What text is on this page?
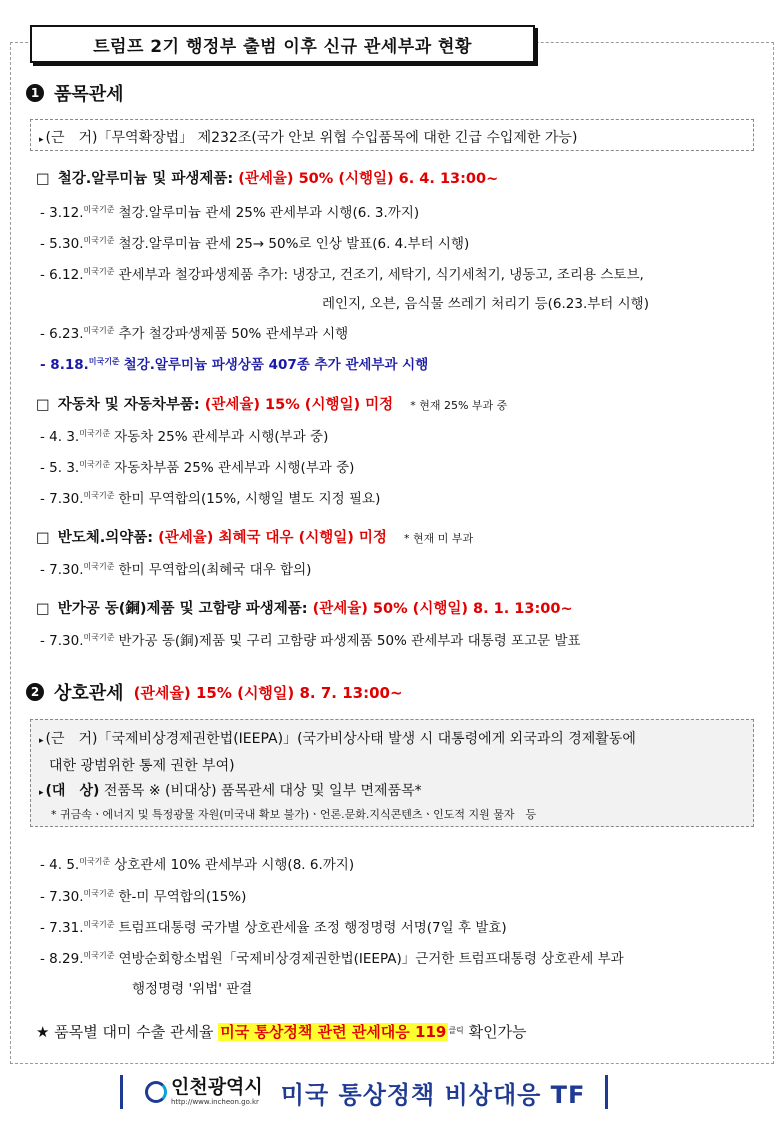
트럼프 2기 행정부 출범 이후 신규 관세부과 현황
1 품목관세
▸ (근　거)「무역확장법」 제232조(국가 안보 위협 수입품목에 대한 긴급 수입제한 가능)
□ 철강.알루미늄 및 파생제품: (관세율) 50% (시행일) 6. 4. 13:00~
- 3.12.$^{미국기준}$ 철강.알루미늄 관세 25% 관세부과 시행(6. 3.까지)
- 5.30.$^{미국기준}$ 철강.알루미늄 관세 25→ 50%로 인상 발표(6. 4.부터 시행)
- 6.12.$^{미국기준}$ 관세부과 철강파생제품 추가: 냉장고, 건조기, 세탁기, 식기세척기, 냉동고, 조리용 스토브,
레인지, 오븐, 음식물 쓰레기 처리기 등(6.23.부터 시행)
- 6.23.$^{미국기준}$ 추가 철강파생제품 50% 관세부과 시행
- 8.18.$^{미국기준}$ 철강.알루미늄 파생상품 407종 추가 관세부과 시행
□ 자동차 및 자동차부품: (관세율) 15% (시행일) 미정 * 현재 25% 부과 중
- 4. 3.$^{미국기준}$ 자동차 25% 관세부과 시행(부과 중)
- 5. 3.$^{미국기준}$ 자동차부품 25% 관세부과 시행(부과 중)
- 7.30.$^{미국기준}$ 한미 무역합의(15%, 시행일 별도 지정 필요)
□ 반도체.의약품: (관세율) 최혜국 대우 (시행일) 미정 * 현재 미 부과
- 7.30.$^{미국기준}$ 한미 무역합의(최혜국 대우 합의)
□ 반가공 동(銅)제품 및 고함량 파생제품: (관세율) 50% (시행일) 8. 1. 13:00~
- 7.30.$^{미국기준}$ 반가공 동(銅)제품 및 구리 고함량 파생제품 50% 관세부과 대통령 포고문 발표
2 상호관세 (관세율) 15% (시행일) 8. 7. 13:00~
▸ (근　거)「국제비상경제권한법(IEEPA)」(국가비상사태 발생 시 대통령에게 외국과의 경제활동에
대한 광범위한 통제 권한 부여)
▸ (대　상) 전품목 ※ (비대상) 품목관세 대상 및 일부 면제품목*
* 귀금속ㆍ에너지 및 특정광물 자원(미국내 확보 불가)ㆍ언론.문화.지식콘텐츠ㆍ인도적 지원 물자　등
- 4. 5.$^{미국기준}$ 상호관세 10% 관세부과 시행(8. 6.까지)
- 7.30.$^{미국기준}$ 한-미 무역합의(15%)
- 7.31.$^{미국기준}$ 트럼프대통령 국가별 상호관세율 조정 행정명령 서명(7일 후 발효)
- 8.29.$^{미국기준}$ 연방순회항소법원「국제비상경제권한법(IEEPA)」근거한 트럼프대통령 상호관세 부과
행정명령 '위법' 판결
★ 품목별 대미 수출 관세율 미국 통상정책 관련 관세대응 119 $^{클릭}$ 확인가능
인천광역시
http://www.incheon.go.kr 미국 통상정책 비상대응 TF
